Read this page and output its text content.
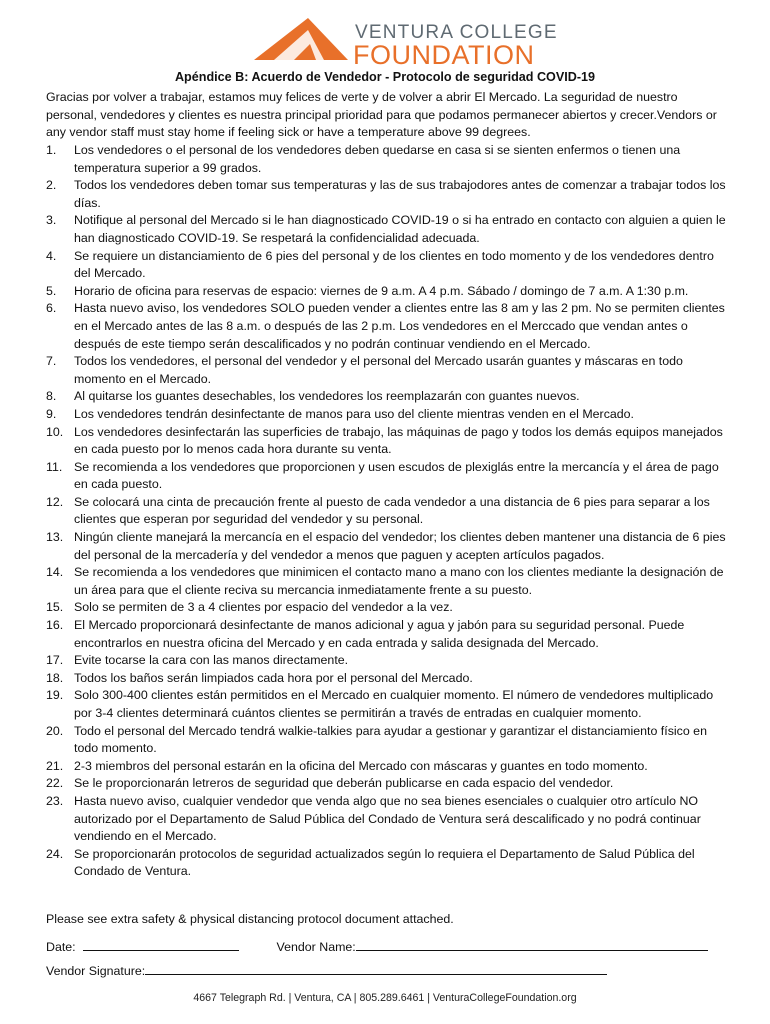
VENTURA COLLEGE
FOUNDATION
Apéndice B: Acuerdo de Vendedor - Protocolo de seguridad COVID-19
Gracias por volver a trabajar, estamos muy felices de verte y de volver a abrir El Mercado. La seguridad de nuestro personal, vendedores y clientes es nuestra principal prioridad para que podamos permanecer abiertos y crecer.Vendors or any vendor staff must stay home if feeling sick or have a temperature above 99 degrees.
1. Los vendedores o el personal de los vendedores deben quedarse en casa si se sienten enfermos o tienen una temperatura superior a 99 grados.
2. Todos los vendedores deben tomar sus temperaturas y las de sus trabajodores antes de comenzar a trabajar todos los días.
3. Notifique al personal del Mercado si le han diagnosticado COVID-19 o si ha entrado en contacto con alguien a quien le han diagnosticado COVID-19. Se respetará la confidencialidad adecuada.
4. Se requiere un distanciamiento de 6 pies del personal y de los clientes en todo momento y de los vendedores dentro del Mercado.
5. Horario de oficina para reservas de espacio: viernes de 9 a.m. A 4 p.m. Sábado / domingo de 7 a.m. A 1:30 p.m.
6. Hasta nuevo aviso, los vendedores SOLO pueden vender a clientes entre las 8 am y las 2 pm. No se permiten clientes en el Mercado antes de las 8 a.m. o después de las 2 p.m. Los vendedores en el Merccado que vendan antes o después de este tiempo serán descalificados y no podrán continuar vendiendo en el Mercado.
7. Todos los vendedores, el personal del vendedor y el personal del Mercado usarán guantes y máscaras en todo momento en el Mercado.
8. Al quitarse los guantes desechables, los vendedores los reemplazarán con guantes nuevos.
9. Los vendedores tendrán desinfectante de manos para uso del cliente mientras venden en el Mercado.
10. Los vendedores desinfectarán las superficies de trabajo, las máquinas de pago y todos los demás equipos manejados en cada puesto por lo menos cada hora durante su venta.
11. Se recomienda a los vendedores que proporcionen y usen escudos de plexiglás entre la mercancía y el área de pago en cada puesto.
12. Se colocará una cinta de precaución frente al puesto de cada vendedor a una distancia de 6 pies para separar a los clientes que esperan por seguridad del vendedor y su personal.
13. Ningún cliente manejará la mercancía en el espacio del vendedor; los clientes deben mantener una distancia de 6 pies del personal de la mercadería y del vendedor a menos que paguen y acepten artículos pagados.
14. Se recomienda a los vendedores que minimicen el contacto mano a mano con los clientes mediante la designación de un área para que el cliente reciva su mercancia inmediatamente frente a su puesto.
15. Solo se permiten de 3 a 4 clientes por espacio del vendedor a la vez.
16. El Mercado proporcionará desinfectante de manos adicional y agua y jabón para su seguridad personal. Puede encontrarlos en nuestra oficina del Mercado y en cada entrada y salida designada del Mercado.
17. Evite tocarse la cara con las manos directamente.
18. Todos los baños serán limpiados cada hora por el personal del Mercado.
19. Solo 300-400 clientes están permitidos en el Mercado en cualquier momento. El número de vendedores multiplicado por 3-4 clientes determinará cuántos clientes se permitirán a través de entradas en cualquier momento.
20. Todo el personal del Mercado tendrá walkie-talkies para ayudar a gestionar y garantizar el distanciamiento físico en todo momento.
21. 2-3 miembros del personal estarán en la oficina del Mercado con máscaras y guantes en todo momento.
22. Se le proporcionarán letreros de seguridad que deberán publicarse en cada espacio del vendedor.
23. Hasta nuevo aviso, cualquier vendedor que venda algo que no sea bienes esenciales o cualquier otro artículo NO autorizado por el Departamento de Salud Pública del Condado de Ventura será descalificado y no podrá continuar vendiendo en el Mercado.
24. Se proporcionarán protocolos de seguridad actualizados según lo requiera el Departamento de Salud Pública del Condado de Ventura.
Please see extra safety & physical distancing protocol document attached.
Date:	Vendor Name:
Vendor Signature:
4667 Telegraph Rd. | Ventura, CA | 805.289.6461 | VenturaCollegeFoundation.org
